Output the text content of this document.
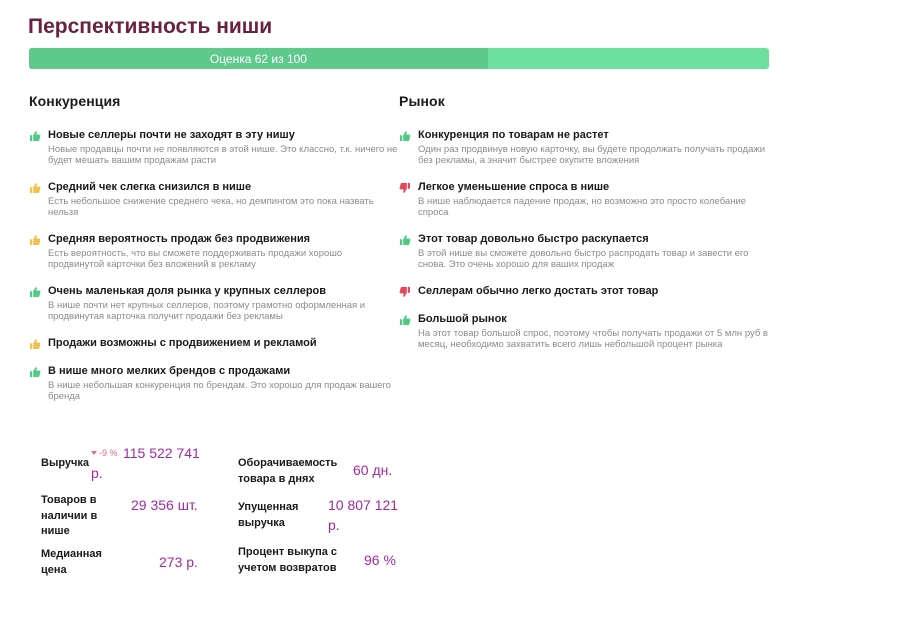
Перспективность ниши
Оценка 62 из 100
Конкуренция
Новые селлеры почти не заходят в эту нишу
Новые продавцы почти не появляются в этой нише. Это классно, т.к. ничего не будет мешать вашим продажам расти
Средний чек слегка снизился в нише
Есть небольшое снижение среднего чека, но демпингом это пока назвать нельзя
Средняя вероятность продаж без продвижения
Есть вероятность, что вы сможете поддерживать продажи хорошо продвинутой карточки без вложений в рекламу
Очень маленькая доля рынка у крупных селлеров
В нише почти нет крупных селлеров, поэтому грамотно оформленная и продвинутая карточка получит продажи без рекламы
Продажи возможны с продвижением и рекламой
В нише много мелких брендов с продажами
В нише небольшая конкуренция по брендам. Это хорошо для продаж вашего бренда
Рынок
Конкуренция по товарам не растет
Один раз продвинув новую карточку, вы будете продолжать получать продажи без рекламы, а значит быстрее окупите вложения
Легкое уменьшение спроса в нише
В нише наблюдается падение продаж, но возможно это просто колебание спроса
Этот товар довольно быстро раскупается
В этой нише вы сможете довольно быстро распродать товар и завести его снова. Это очень хорошо для ваших продаж
Селлерам обычно легко достать этот товар
Большой рынок
На этот товар большой спрос, поэтому чтобы получать продажи от 5 млн руб в месяц, необходимо захватить всего лишь небольшой процент рынка
Выручка
-9 % 115 522 741
р.
Товаров в наличии в нише
29 356 шт.
Медианная цена	273 р.
Оборачиваемость товара в днях
60 дн.
Упущенная выручка
10 807 121 р.
Процент выкупа с учетом возвратов	96 %
